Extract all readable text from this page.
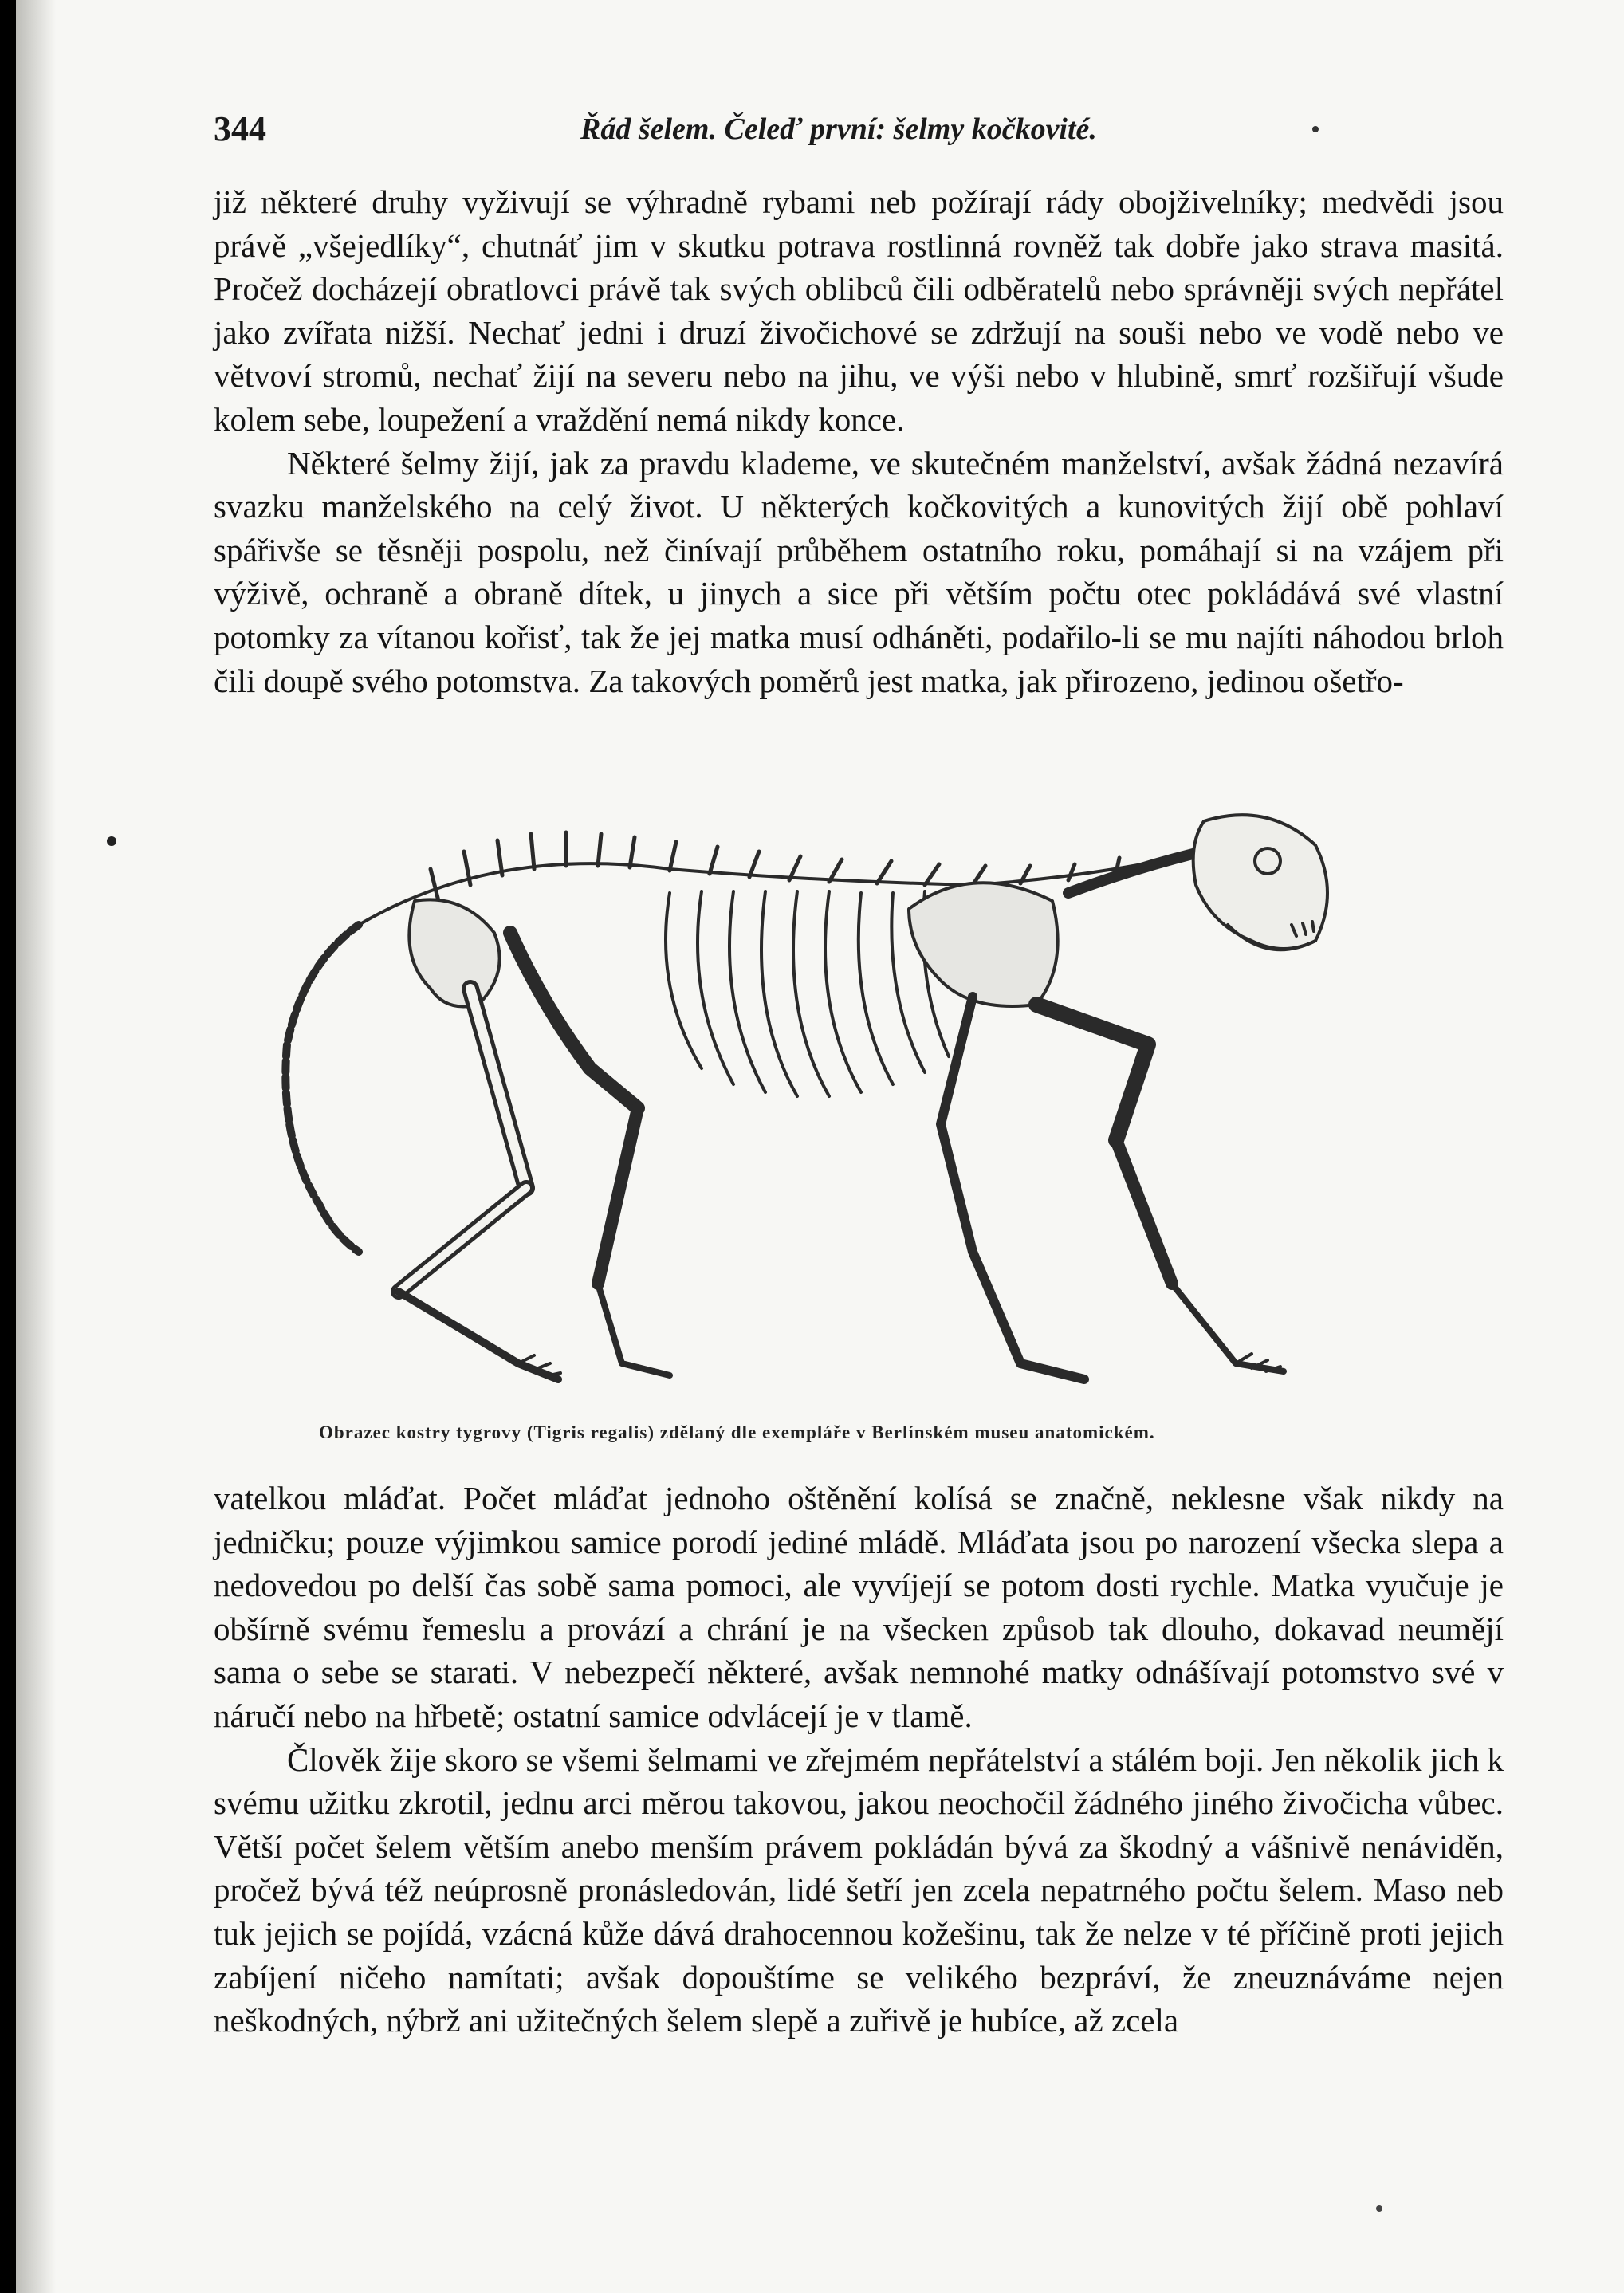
344	Řád šelem. Čeleď první: šelmy kočkovité.

již některé druhy vyživují se výhradně rybami neb požírají rády obojživelníky; medvědi jsou právě „všejedlíky“, chutnáť jim v skutku potrava rostlinná rovněž tak dobře jako strava masitá. Pročež docházejí obratlovci právě tak svých oblibců čili odběratelů nebo správněji svých nepřátel jako zvířata nižší. Nechať jedni i druzí živočichové se zdržují na souši nebo ve vodě nebo ve větvoví stromů, nechať žijí na severu nebo na jihu, ve výši nebo v hlubině, smrť rozšiřují všude kolem sebe, loupežení a vraždění nemá nikdy konce.

Některé šelmy žijí, jak za pravdu klademe, ve skutečném manželství, avšak žádná nezavírá svazku manželského na celý život. U některých kočkovitých a kunovitých žijí obě pohlaví spářivše se těsněji pospolu, než činívají průběhem ostatního roku, pomáhají si na vzájem při výživě, ochraně a obraně dítek, u jinych a sice při větším počtu otec pokládává své vlastní potomky za vítanou kořisť, tak že jej matka musí odháněti, podařilo-li se mu najíti náhodou brloh čili doupě svého potomstva. Za takových poměrů jest matka, jak přirozeno, jedinou ošetřo-

Obrazec kostry tygrovy (Tigris regalis) zdělaný dle exempláře v Berlínském museu anatomickém.

vatelkou mláďat. Počet mláďat jednoho oštěnění kolísá se značně, neklesne však nikdy na jedničku; pouze výjimkou samice porodí jediné mládě. Mláďata jsou po narození všecka slepa a nedovedou po delší čas sobě sama pomoci, ale vyvíjejí se potom dosti rychle. Matka vyučuje je obšírně svému řemeslu a provází a chrání je na všecken způsob tak dlouho, dokavad neumějí sama o sebe se starati. V nebezpečí některé, avšak nemnohé matky odnášívají potomstvo své v náručí nebo na hřbetě; ostatní samice odvlácejí je v tlamě.

Člověk žije skoro se všemi šelmami ve zřejmém nepřátelství a stálém boji. Jen několik jich k svému užitku zkrotil, jednu arci měrou takovou, jakou neochočil žádného jiného živočicha vůbec. Větší počet šelem větším anebo menším právem pokládán bývá za škodný a vášnivě nenáviděn, pročež bývá též neúprosně pronásledován, lidé šetří jen zcela nepatrného počtu šelem. Maso neb tuk jejich se pojídá, vzácná kůže dává drahocennou kožešinu, tak že nelze v té příčině proti jejich zabíjení ničeho namítati; avšak dopouštíme se velikého bezpráví, že zneuznáváme nejen neškodných, nýbrž ani užitečných šelem slepě a zuřivě je hubíce, až zcela
